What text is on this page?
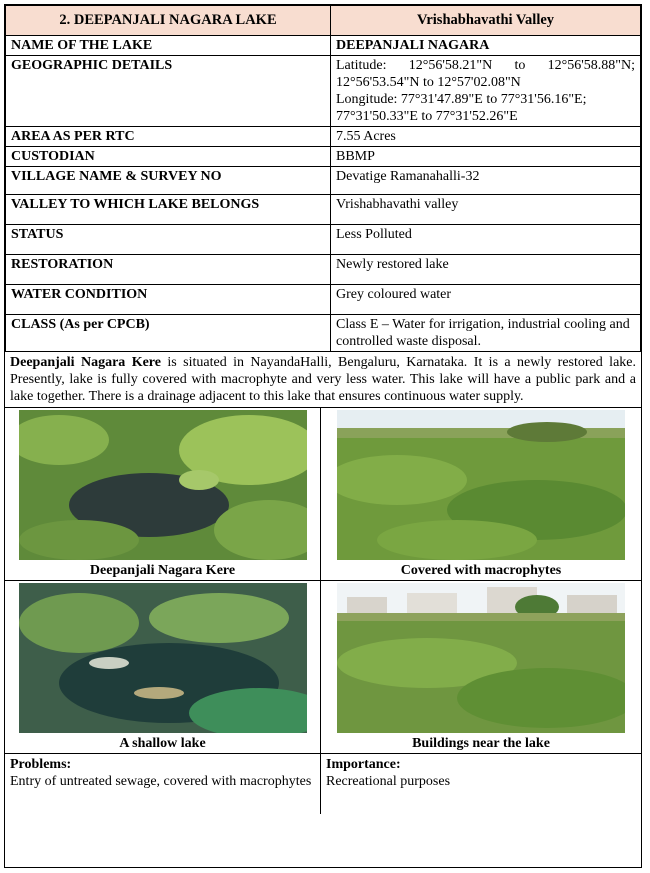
2. DEEPANJALI NAGARA LAKE	Vrishabhavathi Valley
NAME OF THE LAKE	DEEPANJALI NAGARA
GEOGRAPHIC DETAILS	Latitude: 12°56'58.21"N to 12°56'58.88"N; 12°56'53.54"N to 12°57'02.08"N
Longitude: 77°31'47.89"E to 77°31'56.16"E; 77°31'50.33"E to 77°31'52.26"E

AREA AS PER RTC	7.55 Acres
CUSTODIAN	BBMP
VILLAGE NAME & SURVEY NO	Devatige Ramanahalli-32
VALLEY TO WHICH LAKE BELONGS	Vrishabhavathi valley
STATUS	Less Polluted
RESTORATION	Newly restored lake
WATER CONDITION	Grey coloured water
CLASS (As per CPCB)	Class E – Water for irrigation, industrial cooling and controlled waste disposal.
Deepanjali Nagara Kere is situated in NayandaHalli, Bengaluru, Karnataka. It is a newly restored lake. Presently, lake is fully covered with macrophyte and very less water. This lake will have a public park and a lake together. There is a drainage adjacent to this lake that ensures continuous water supply.
Deepanjali Nagara Kere	Covered with macrophytes
A shallow lake	Buildings near the lake
Problems:
Entry of untreated sewage, covered with macrophytes
Importance:
Recreational purposes
